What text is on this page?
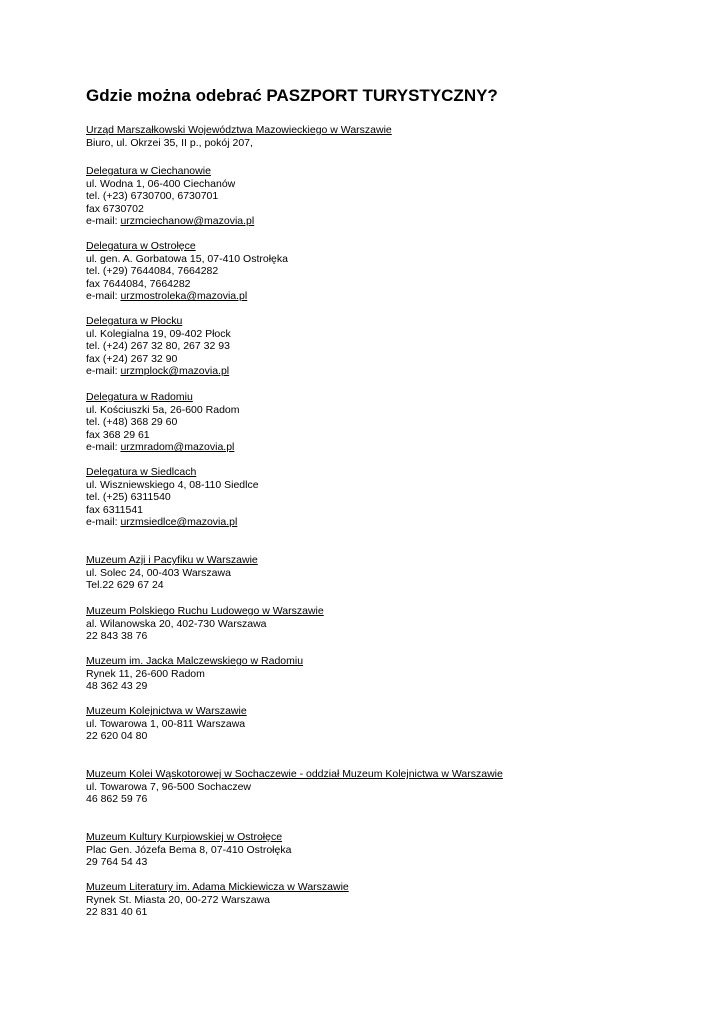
Gdzie można odebrać PASZPORT TURYSTYCZNY?
Urząd Marszałkowski Województwa Mazowieckiego w Warszawie
Biuro, ul. Okrzei 35, II p., pokój 207,
Delegatura w Ciechanowie
ul. Wodna 1, 06-400 Ciechanów
tel. (+23) 6730700, 6730701
fax 6730702
e-mail: urzmciechanow@mazovia.pl
Delegatura w Ostrołęce
ul. gen. A. Gorbatowa 15, 07-410 Ostrołęka
tel. (+29) 7644084, 7664282
fax 7644084, 7664282
e-mail: urzmostroleka@mazovia.pl
Delegatura w Płocku
ul. Kolegialna 19, 09-402 Płock
tel. (+24) 267 32 80, 267 32 93
fax (+24) 267 32 90
e-mail: urzmplock@mazovia.pl
Delegatura w Radomiu
ul. Kościuszki 5a, 26-600 Radom
tel. (+48) 368 29 60
fax 368 29 61
e-mail: urzmradom@mazovia.pl
Delegatura w Siedlcach
ul. Wiszniewskiego 4, 08-110 Siedlce
tel. (+25) 6311540
fax 6311541
e-mail: urzmsiedlce@mazovia.pl
Muzeum Azji i Pacyfiku w Warszawie
ul. Solec 24, 00-403 Warszawa
Tel.22 629 67 24
Muzeum Polskiego Ruchu Ludowego w Warszawie
al. Wilanowska 20, 402-730 Warszawa
22 843 38 76
Muzeum im. Jacka Malczewskiego w Radomiu
Rynek 11, 26-600 Radom
48 362 43 29
Muzeum Kolejnictwa w Warszawie
ul. Towarowa 1, 00-811 Warszawa
22 620 04 80
Muzeum Kolei Wąskotorowej w Sochaczewie - oddział Muzeum Kolejnictwa w Warszawie
ul. Towarowa 7, 96-500 Sochaczew
46 862 59 76
Muzeum Kultury Kurpiowskiej w Ostrołęce
Plac Gen. Józefa Bema 8, 07-410 Ostrołęka
29 764 54 43
Muzeum Literatury im. Adama Mickiewicza w Warszawie
Rynek St. Miasta 20, 00-272 Warszawa
22 831 40 61
